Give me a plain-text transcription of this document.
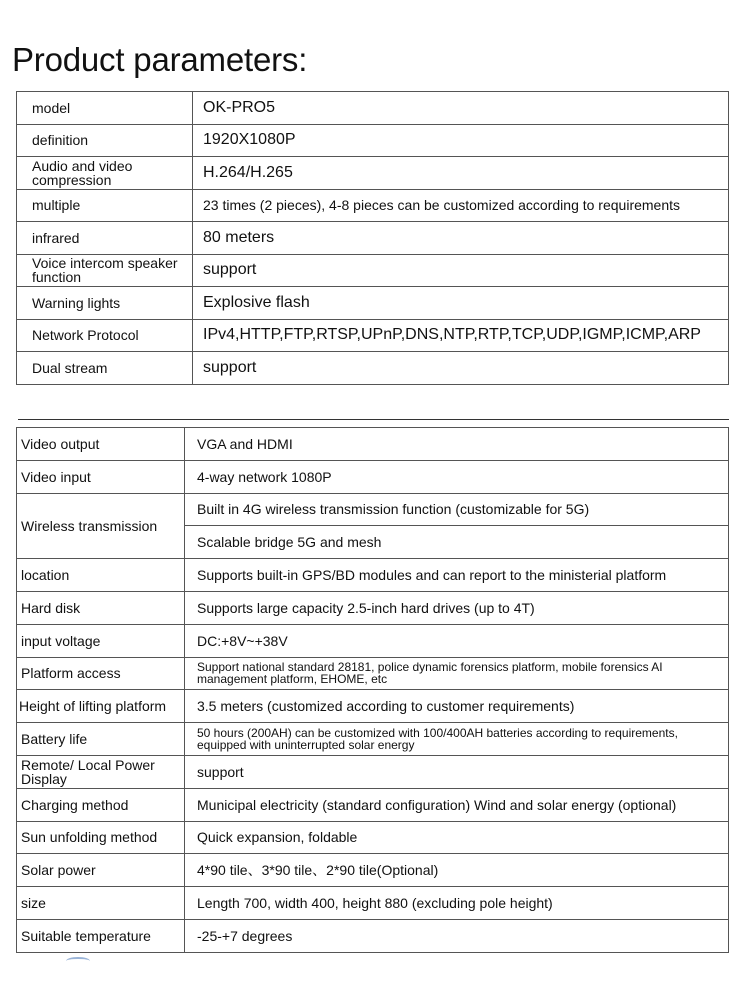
Product parameters:
model	OK-PRO5
definition	1920X1080P
Audio and video compression	H.264/H.265
multiple	23 times (2 pieces), 4-8 pieces can be customized according to requirements
infrared	80 meters
Voice intercom speaker function	support
Warning lights	Explosive flash
Network Protocol	IPv4,HTTP,FTP,RTSP,UPnP,DNS,NTP,RTP,TCP,UDP,IGMP,ICMP,ARP
Dual stream	support
Video output	VGA and HDMI
Video input	4-way network 1080P
Wireless transmission	Built in 4G wireless transmission function (customizable for 5G)
	Scalable bridge 5G and mesh
location	Supports built-in GPS/BD modules and can report to the ministerial platform
Hard disk	Supports large capacity 2.5-inch hard drives (up to 4T)
input voltage	DC:+8V~+38V
Platform access	Support national standard 28181, police dynamic forensics platform, mobile forensics AI management platform, EHOME, etc
Height of lifting platform	3.5 meters (customized according to customer requirements)
Battery life	50 hours (200AH) can be customized with 100/400AH batteries according to requirements, equipped with uninterrupted solar energy
Remote/ Local Power Display	support
Charging method	Municipal electricity (standard configuration) Wind and solar energy (optional)
Sun unfolding method	Quick expansion, foldable
Solar power	4*90 tile、3*90 tile、2*90 tile(Optional)
size	Length 700, width 400, height 880 (excluding pole height)
Suitable temperature	-25-+7 degrees
